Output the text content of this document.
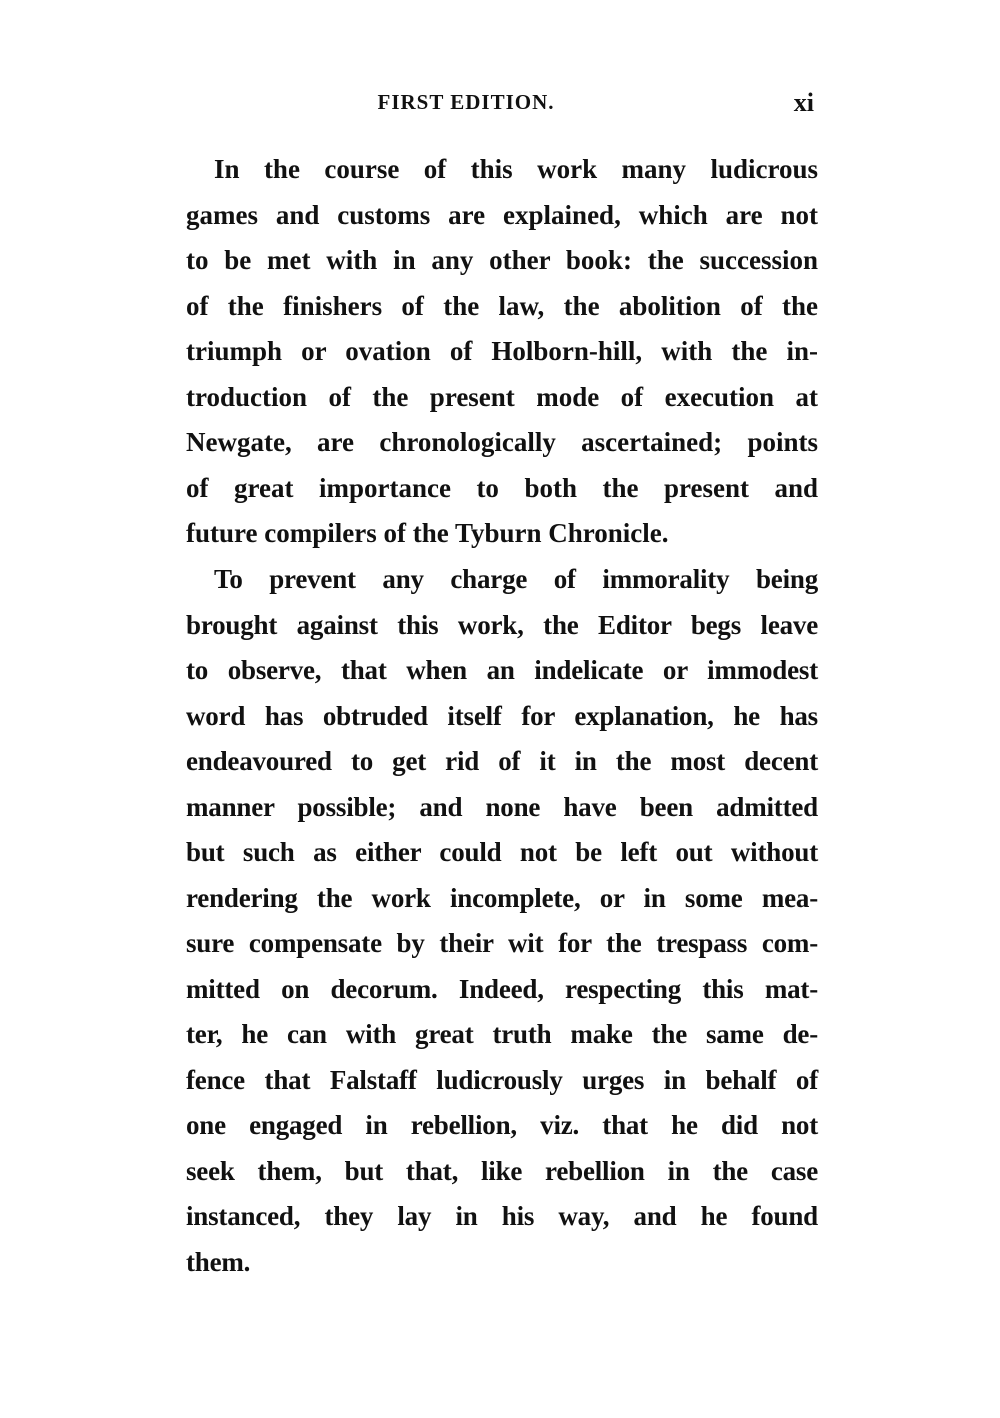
FIRST EDITION.	xi
In the course of this work many ludicrous
games and customs are explained, which are not
to be met with in any other book: the succession
of the finishers of the law, the abolition of the
triumph or ovation of Holborn-hill, with the in-
troduction of the present mode of execution at
Newgate, are chronologically ascertained; points
of great importance to both the present and
future compilers of the Tyburn Chronicle.
To prevent any charge of immorality being
brought against this work, the Editor begs leave
to observe, that when an indelicate or immodest
word has obtruded itself for explanation, he has
endeavoured to get rid of it in the most decent
manner possible; and none have been admitted
but such as either could not be left out without
rendering the work incomplete, or in some mea-
sure compensate by their wit for the trespass com-
mitted on decorum. Indeed, respecting this mat-
ter, he can with great truth make the same de-
fence that Falstaff ludicrously urges in behalf of
one engaged in rebellion, viz. that he did not
seek them, but that, like rebellion in the case
instanced, they lay in his way, and he found
them.
